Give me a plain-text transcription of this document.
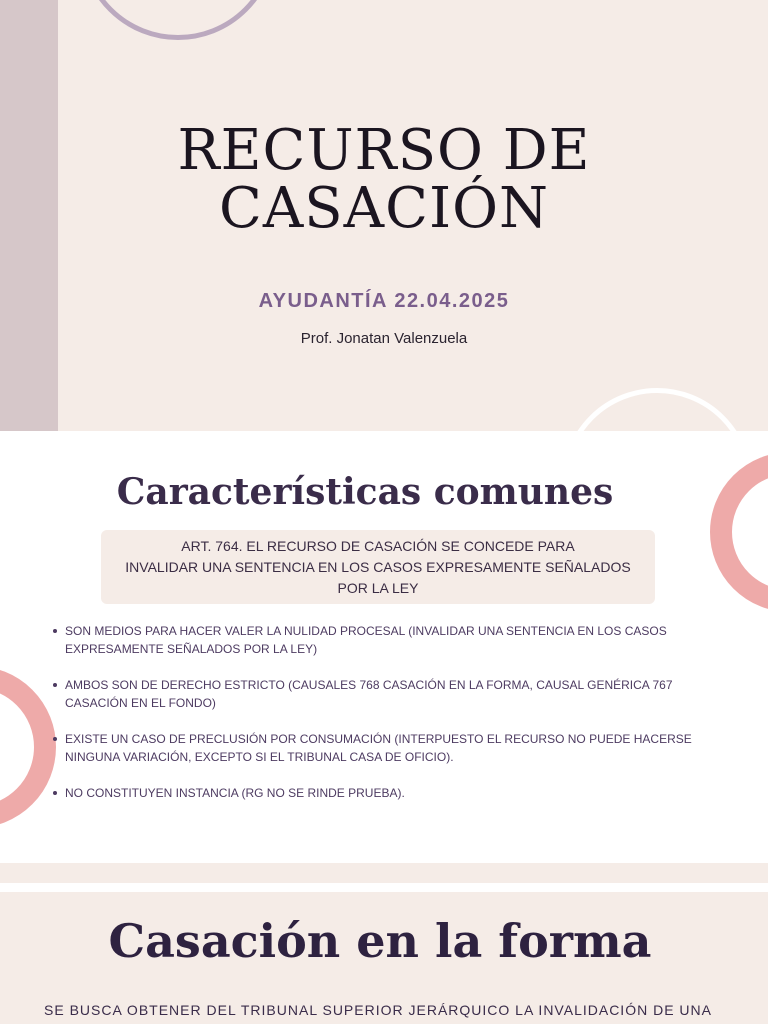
RECURSO DE
CASACIÓN
AYUDANTÍA 22.04.2025
Prof. Jonatan Valenzuela
Características comunes

ART. 764. EL RECURSO DE CASACIÓN SE CONCEDE PARA
INVALIDAR UNA SENTENCIA EN LOS CASOS EXPRESAMENTE SEÑALADOS
POR LA LEY

SON MEDIOS PARA HACER VALER LA NULIDAD PROCESAL (INVALIDAR UNA SENTENCIA EN LOS CASOS EXPRESAMENTE SEÑALADOS POR LA LEY)
AMBOS SON DE DERECHO ESTRICTO (CAUSALES 768 CASACIÓN EN LA FORMA, CAUSAL GENÉRICA 767 CASACIÓN EN EL FONDO)
EXISTE UN CASO DE PRECLUSIÓN POR CONSUMACIÓN (INTERPUESTO EL RECURSO NO PUEDE HACERSE NINGUNA VARIACIÓN, EXCEPTO SI EL TRIBUNAL CASA DE OFICIO).
NO CONSTITUYEN INSTANCIA (RG NO SE RINDE PRUEBA).
Casación en la forma

SE BUSCA OBTENER DEL TRIBUNAL SUPERIOR JERÁRQUICO LA INVALIDACIÓN DE UNA
